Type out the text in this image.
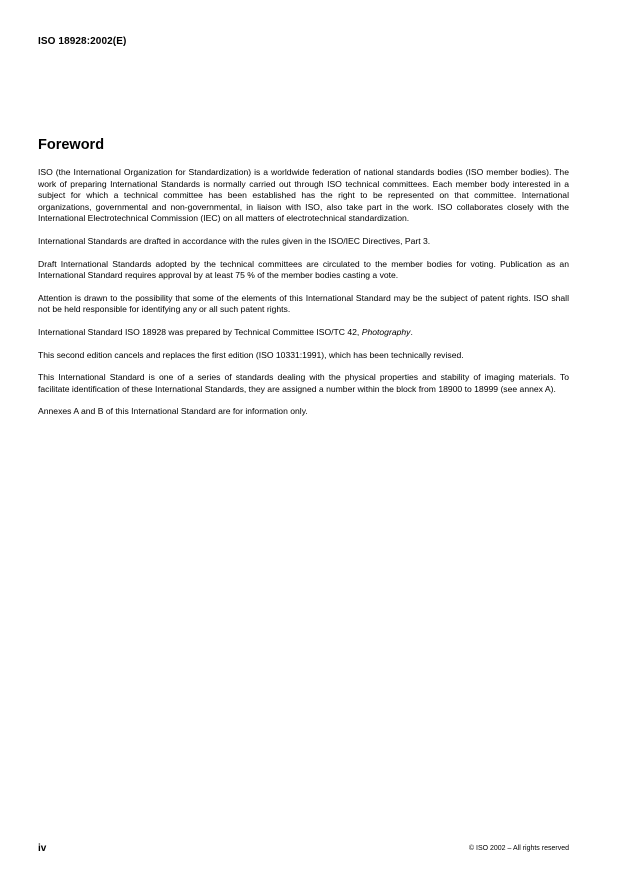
ISO 18928:2002(E)
Foreword

ISO (the International Organization for Standardization) is a worldwide federation of national standards bodies (ISO member bodies). The work of preparing International Standards is normally carried out through ISO technical committees. Each member body interested in a subject for which a technical committee has been established has the right to be represented on that committee. International organizations, governmental and non-governmental, in liaison with ISO, also take part in the work. ISO collaborates closely with the International Electrotechnical Commission (IEC) on all matters of electrotechnical standardization.

International Standards are drafted in accordance with the rules given in the ISO/IEC Directives, Part 3.

Draft International Standards adopted by the technical committees are circulated to the member bodies for voting. Publication as an International Standard requires approval by at least 75 % of the member bodies casting a vote.

Attention is drawn to the possibility that some of the elements of this International Standard may be the subject of patent rights. ISO shall not be held responsible for identifying any or all such patent rights.

International Standard ISO 18928 was prepared by Technical Committee ISO/TC 42, Photography.

This second edition cancels and replaces the first edition (ISO 10331:1991), which has been technically revised.

This International Standard is one of a series of standards dealing with the physical properties and stability of imaging materials. To facilitate identification of these International Standards, they are assigned a number within the block from 18900 to 18999 (see annex A).

Annexes A and B of this International Standard are for information only.

iv	© ISO 2002 – All rights reserved
